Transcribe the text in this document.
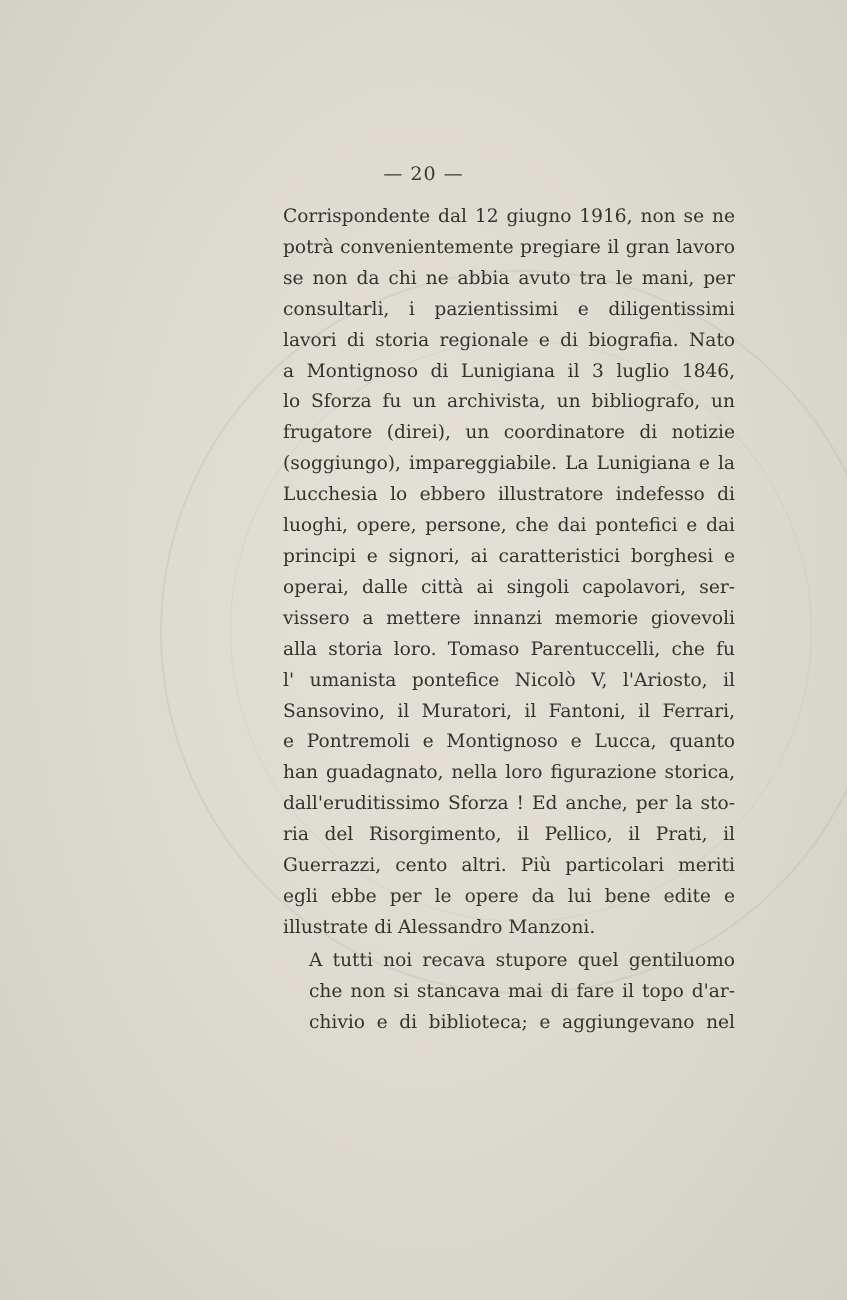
— 20 —

Corrispondente dal 12 giugno 1916, non se ne
potrà convenientemente pregiare il gran lavoro
se non da chi ne abbia avuto tra le mani, per
consultarli, i pazientissimi e diligentissimi
lavori di storia regionale e di biografia. Nato
a Montignoso di Lunigiana il 3 luglio 1846,
lo Sforza fu un archivista, un bibliografo, un
frugatore (direi), un coordinatore di notizie
(soggiungo), impareggiabile. La Lunigiana e la
Lucchesia lo ebbero illustratore indefesso di
luoghi, opere, persone, che dai pontefici e dai
principi e signori, ai caratteristici borghesi e
operai, dalle città ai singoli capolavori, ser-
vissero a mettere innanzi memorie giovevoli
alla storia loro. Tomaso Parentuccelli, che fu
l' umanista pontefice Nicolò V, l'Ariosto, il
Sansovino, il Muratori, il Fantoni, il Ferrari,
e Pontremoli e Montignoso e Lucca, quanto
han guadagnato, nella loro figurazione storica,
dall'eruditissimo Sforza ! Ed anche, per la sto-
ria del Risorgimento, il Pellico, il Prati, il
Guerrazzi, cento altri. Più particolari meriti
egli ebbe per le opere da lui bene edite e
illustrate di Alessandro Manzoni.

A tutti noi recava stupore quel gentiluomo
che non si stancava mai di fare il topo d'ar-
chivio e di biblioteca; e aggiungevano nel
